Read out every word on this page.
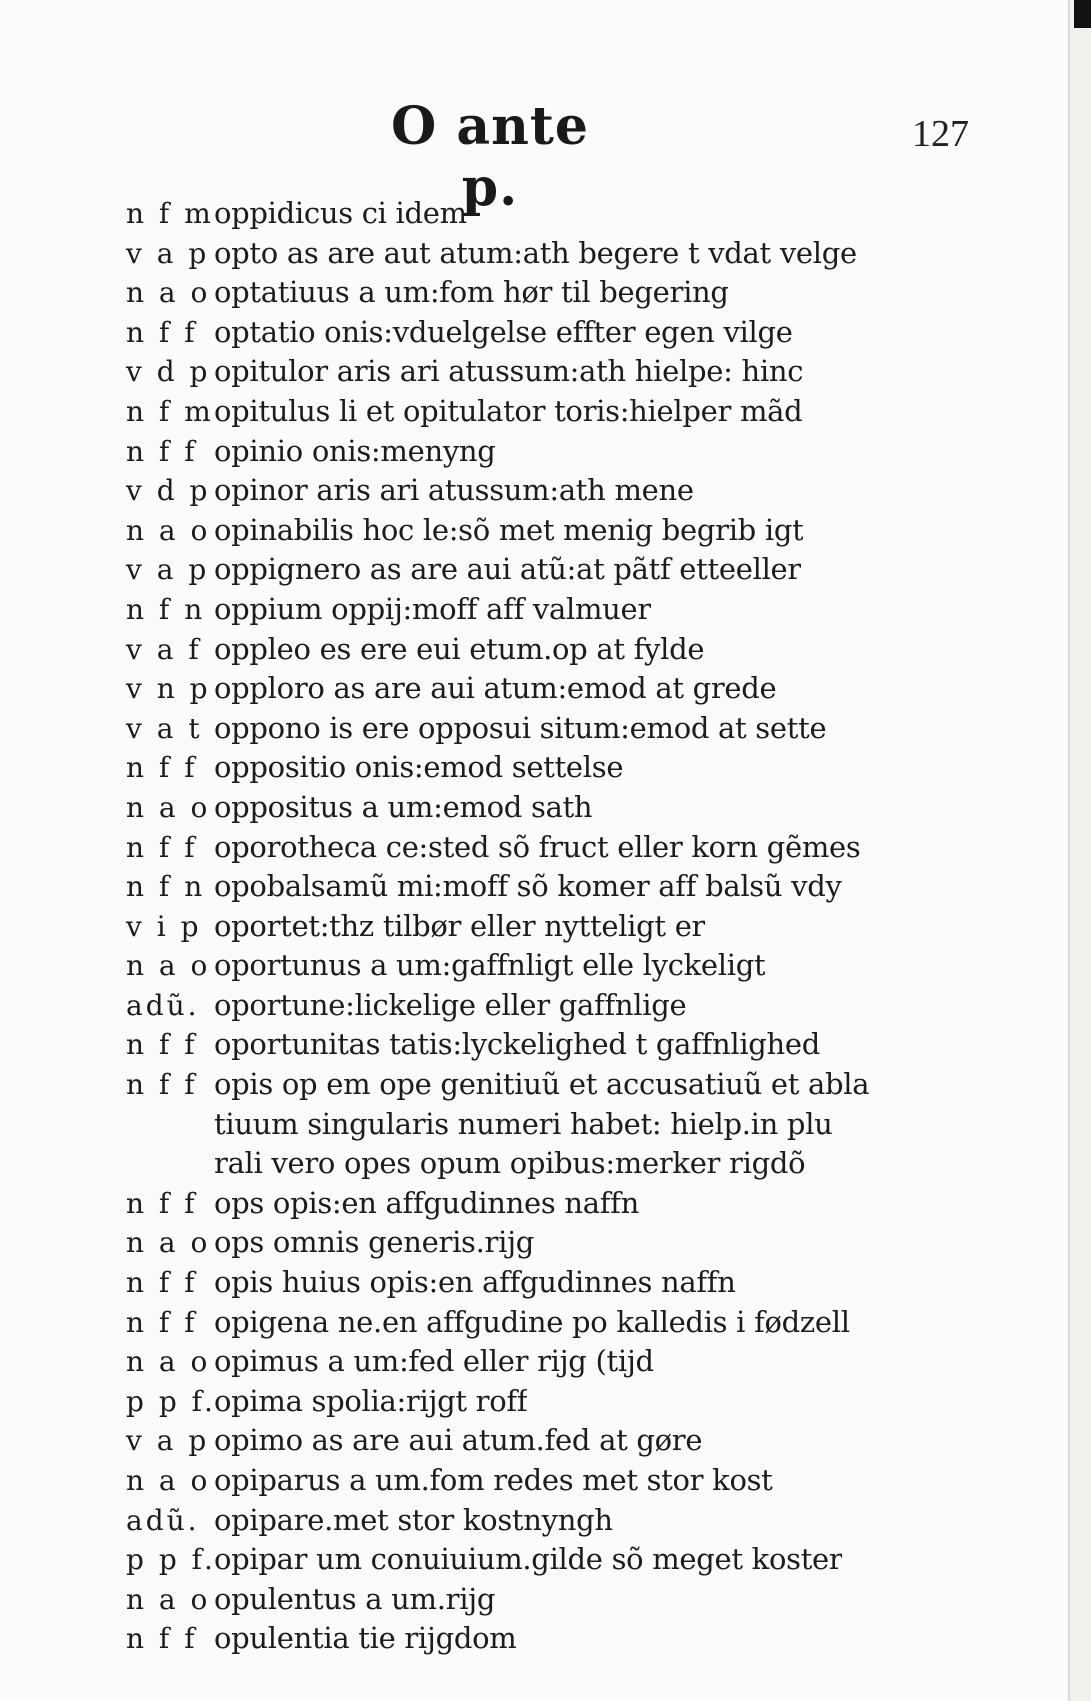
O ante p.
127
n f m oppidicus ci idem
v a p opto as are aut atum:ath begere t vdat velge
n a o optatiuus a um:fom hør til begering
n f f optatio onis:vduelgelse effter egen vilge
v d p opitulor aris ari atussum:ath hielpe: hinc
n f m opitulus li et opitulator toris:hielper mãd
n f f opinio onis:menyng
v d p opinor aris ari atussum:ath mene
n a o opinabilis hoc le:sõ met menig begrib igt
v a p oppignero as are aui atũ:at pãtf etteeller
n f n oppium oppij:moff aff valmuer
v a f oppleo es ere eui etum.op at fylde
v n p opploro as are aui atum:emod at grede
v a t oppono is ere opposui situm:emod at sette
n f f oppositio onis:emod settelse
n a o oppositus a um:emod sath
n f f oporotheca ce:sted sõ fruct eller korn gẽmes
n f n opobalsamũ mi:moff sõ komer aff balsũ vdy
v i p oportet:thz tilbør eller nytteligt er
n a o oportunus a um:gaffnligt elle lyckeligt
adũ. oportune:lickelige eller gaffnlige
n f f oportunitas tatis:lyckelighed t gaffnlighed
n f f opis op em ope genitiuũ et accusatiuũ et abla
tiuum singularis numeri habet: hielp.in plu
rali vero opes opum opibus:merker rigdõ
n f f ops opis:en affgudinnes naffn
n a o ops omnis generis.rijg
n f f opis huius opis:en affgudinnes naffn
n f f opigena ne.en affgudine po kalledis i fødzell
n a o opimus a um:fed eller rijg (tijd
p p f.
opima spolia:rijgt roff
v a p opimo as are aui atum.fed at gøre
n a o opiparus a um.fom redes met stor kost
adũ. opipare.met stor kostnyngh
p p f.
opipar um conuiuium.gilde sõ meget koster
n a o opulentus a um.rijg
n f f opulentia tie rijgdom
